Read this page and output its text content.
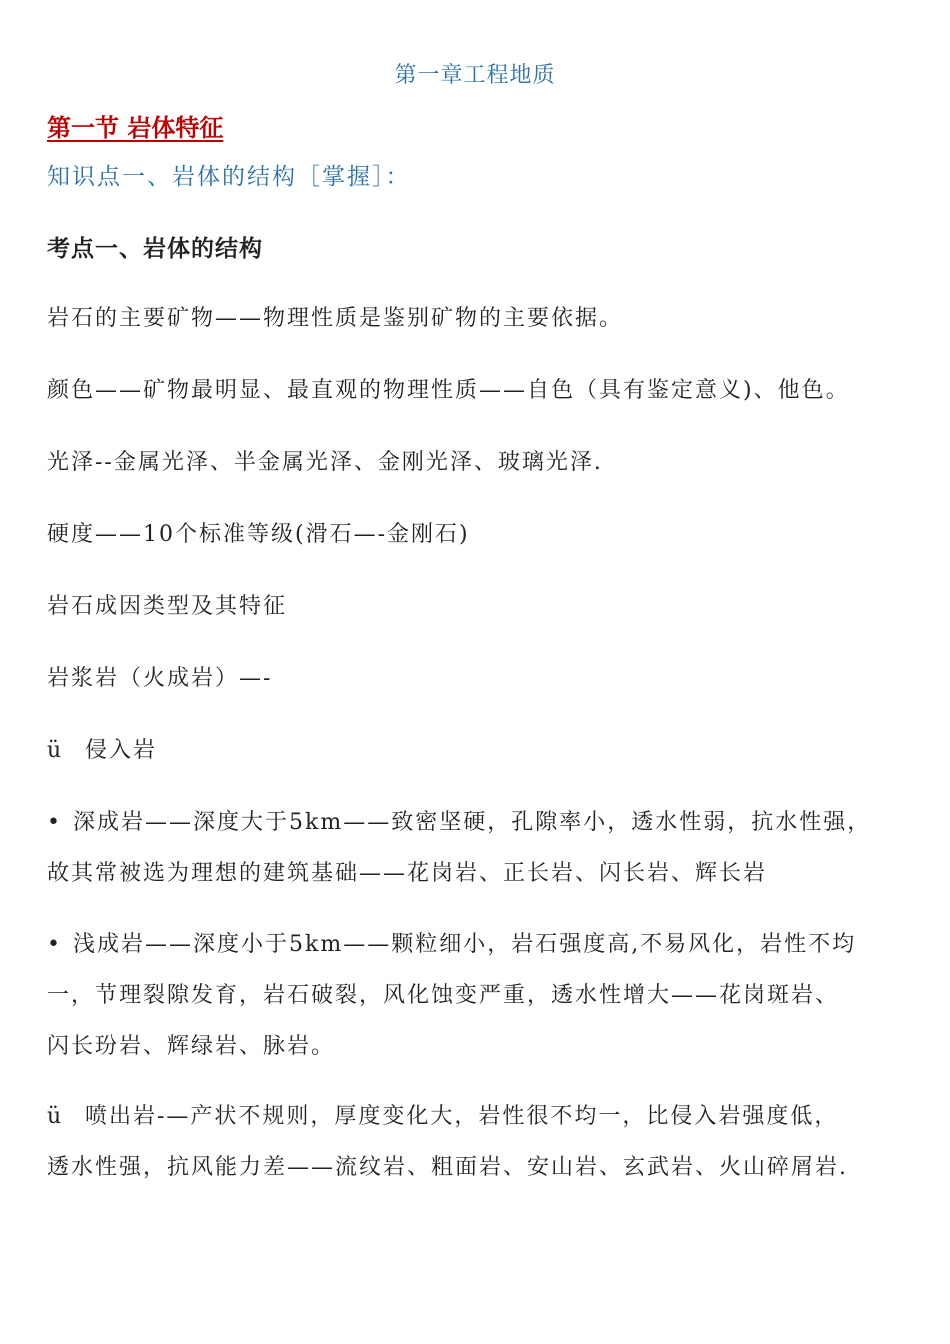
第一章工程地质
第一节 岩体特征
知识点一、岩体的结构［掌握］：
考点一、岩体的结构
岩石的主要矿物——物理性质是鉴别矿物的主要依据。
颜色——矿物最明显、最直观的物理性质——自色（具有鉴定意义)、他色。
光泽--金属光泽、半金属光泽、金刚光泽、玻璃光泽.
硬度——10个标准等级(滑石—-金刚石)
岩石成因类型及其特征
岩浆岩（火成岩）—-
ü 侵入岩
• 深成岩——深度大于5km——致密坚硬，孔隙率小，透水性弱，抗水性强，
故其常被选为理想的建筑基础——花岗岩、正长岩、闪长岩、辉长岩
• 浅成岩——深度小于5km——颗粒细小，岩石强度高,不易风化，岩性不均
一，节理裂隙发育，岩石破裂，风化蚀变严重，透水性增大——花岗斑岩、
闪长玢岩、辉绿岩、脉岩。
ü 喷出岩-—产状不规则，厚度变化大，岩性很不均一，比侵入岩强度低，
透水性强，抗风能力差——流纹岩、粗面岩、安山岩、玄武岩、火山碎屑岩.
